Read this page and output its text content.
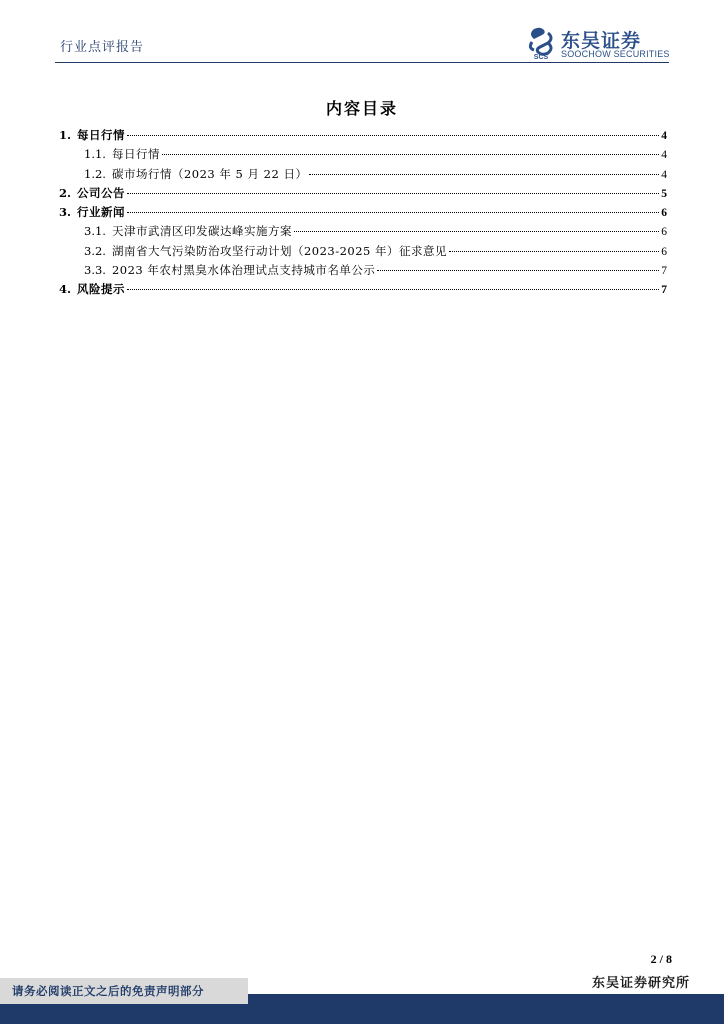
行业点评报告
SCS
东吴证券
SOOCHOW SECURITIES
内容目录
1. 每日行情	4
1.1. 每日行情	4
1.2. 碳市场行情（2023 年 5 月 22 日）	4
2. 公司公告	5
3. 行业新闻	6
3.1. 天津市武清区印发碳达峰实施方案	6
3.2. 湖南省大气污染防治攻坚行动计划（2023-2025 年）征求意见	6
3.3. 2023 年农村黑臭水体治理试点支持城市名单公示	7
4. 风险提示	7
2 / 8
东吴证券研究所
请务必阅读正文之后的免责声明部分
